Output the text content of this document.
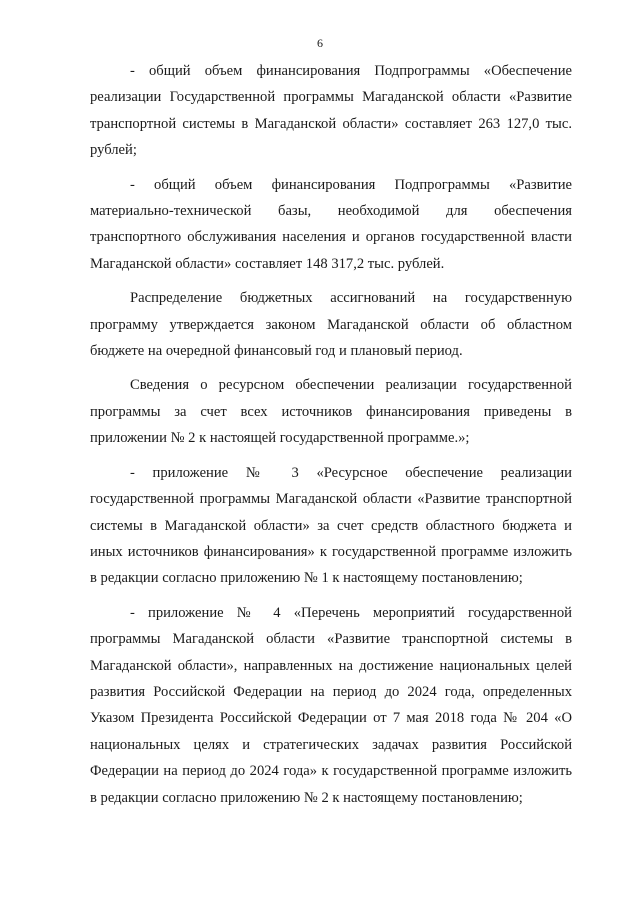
6

- общий объем финансирования Подпрограммы «Обеспечение реализации Государственной программы Магаданской области «Развитие транспортной системы в Магаданской области» составляет 263 127,0 тыс. рублей;

- общий объем финансирования Подпрограммы «Развитие материально-технической базы, необходимой для обеспечения транспортного обслуживания населения и органов государственной власти Магаданской области» составляет 148 317,2 тыс. рублей.

Распределение бюджетных ассигнований на государственную программу утверждается законом Магаданской области об областном бюджете на очередной финансовый год и плановый период.

Сведения о ресурсном обеспечении реализации государственной программы за счет всех источников финансирования приведены в приложении № 2 к настоящей государственной программе.»;

- приложение № 3 «Ресурсное обеспечение реализации государственной программы Магаданской области «Развитие транспортной системы в Магаданской области» за счет средств областного бюджета и иных источников финансирования» к государственной программе изложить в редакции согласно приложению № 1 к настоящему постановлению;

- приложение № 4 «Перечень мероприятий государственной программы Магаданской области «Развитие транспортной системы в Магаданской области», направленных на достижение национальных целей развития Российской Федерации на период до 2024 года, определенных Указом Президента Российской Федерации от 7 мая 2018 года № 204 «О национальных целях и стратегических задачах развития Российской Федерации на период до 2024 года» к государственной программе изложить в редакции согласно приложению № 2 к настоящему постановлению;
